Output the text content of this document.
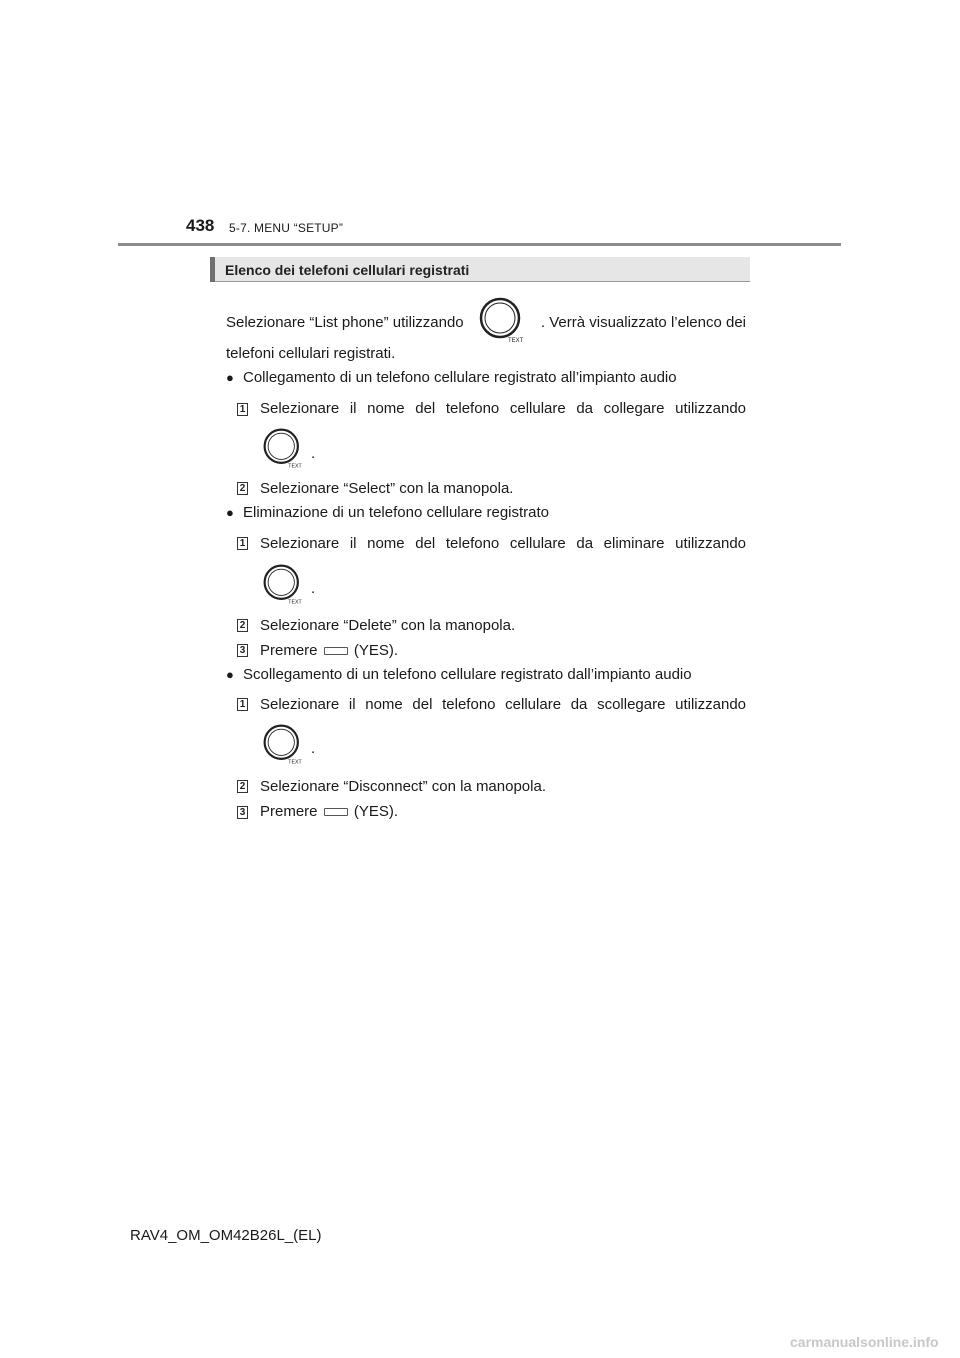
438 5-7. MENU “SETUP”
Elenco dei telefoni cellulari registrati
Selezionare “List phone” utilizzando
TEXT
. Verrà visualizzato l’elenco dei
telefoni cellulari registrati.
● Collegamento di un telefono cellulare registrato all’impianto audio
1 Selezionare il nome del telefono cellulare da collegare utilizzando
TEXT
.
2 Selezionare “Select” con la manopola.
● Eliminazione di un telefono cellulare registrato
1 Selezionare il nome del telefono cellulare da eliminare utilizzando
TEXT
.
2 Selezionare “Delete” con la manopola.
3 Premere (YES).
● Scollegamento di un telefono cellulare registrato dall’impianto audio
1 Selezionare il nome del telefono cellulare da scollegare utilizzando
TEXT
.
2 Selezionare “Disconnect” con la manopola.
3 Premere (YES).
RAV4_OM_OM42B26L_(EL)
carmanualsonline.info
